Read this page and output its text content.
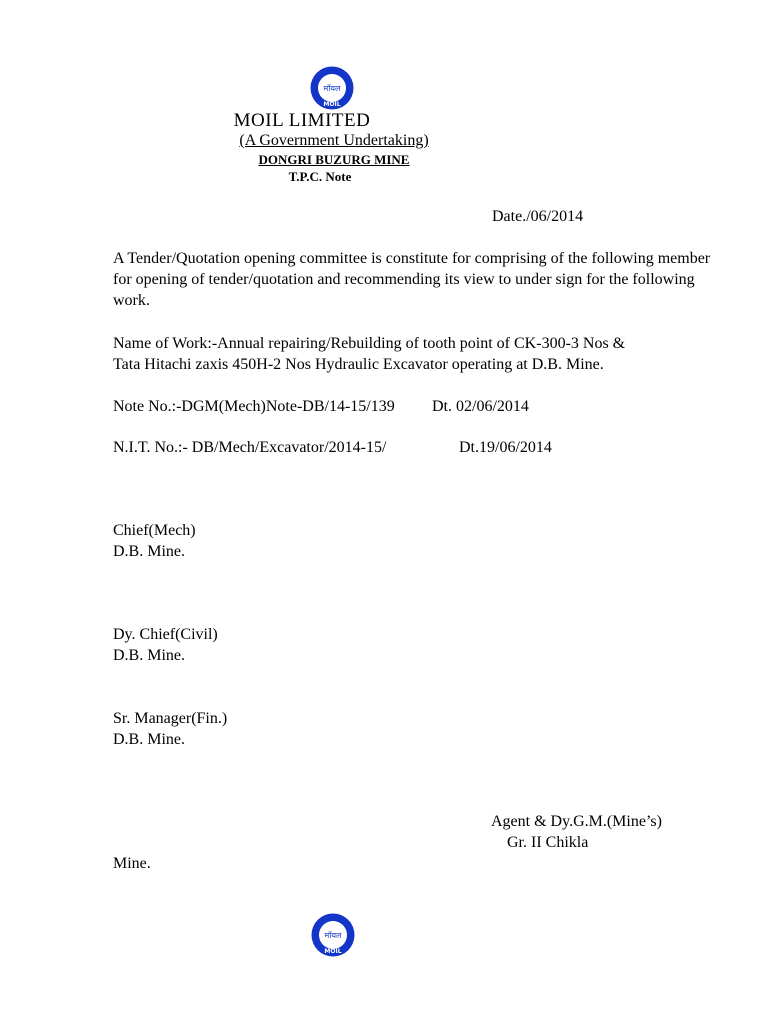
मॉयल
MOIL
MOIL LIMITED
(A Government Undertaking)
DONGRI BUZURG MINE
T.P.C. Note
Date./06/2014
A Tender/Quotation opening committee is constitute for comprising of the following member for opening of tender/quotation and recommending its view to under sign for the following work.
Name of Work:-Annual repairing/Rebuilding of tooth point of CK-300-3 Nos &
Tata Hitachi zaxis 450H-2 Nos Hydraulic Excavator operating at D.B. Mine.
Note No.:-DGM(Mech)Note-DB/14-15/139 Dt. 02/06/2014
N.I.T. No.:- DB/Mech/Excavator/2014-15/	Dt.19/06/2014
Chief(Mech)
D.B. Mine.
Dy. Chief(Civil)
D.B. Mine.
Sr. Manager(Fin.)
D.B. Mine.
Agent & Dy.G.M.(Mine’s)
Gr. II Chikla
Mine.
मॉयल
MOIL
